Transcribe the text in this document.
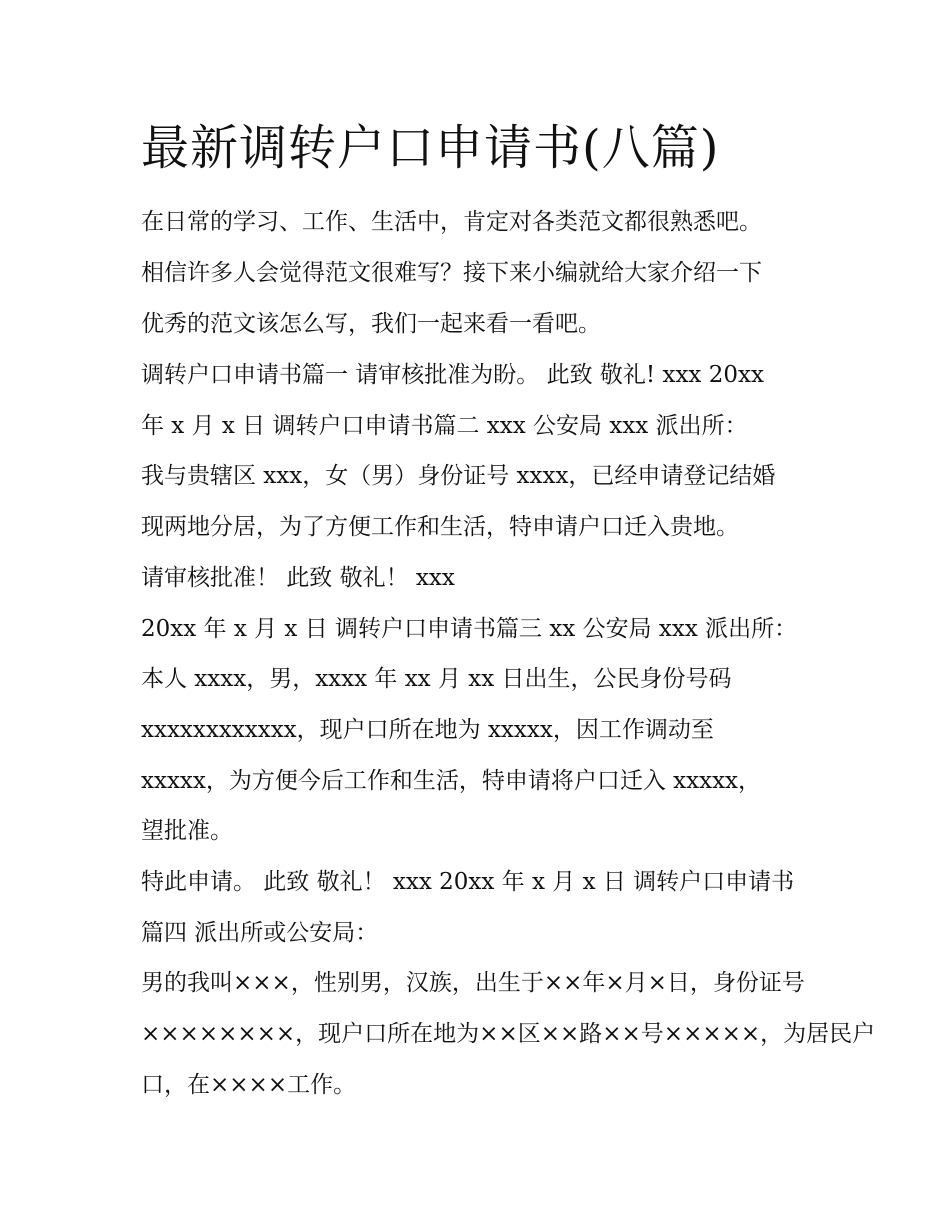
最新调转户口申请书(八篇)
在日常的学习、工作、生活中，肯定对各类范文都很熟悉吧。
相信许多人会觉得范文很难写？接下来小编就给大家介绍一下
优秀的范文该怎么写，我们一起来看一看吧。
调转户口申请书篇一 请审核批准为盼。 此致 敬礼! xxx 20xx
年 x 月 x 日 调转户口申请书篇二 xxx 公安局 xxx 派出所：
我与贵辖区 xxx，女（男）身份证号 xxxx，已经申请登记结婚
现两地分居，为了方便工作和生活，特申请户口迁入贵地。
请审核批准！ 此致 敬礼！ xxx
20xx 年 x 月 x 日 调转户口申请书篇三 xx 公安局 xxx 派出所：
本人 xxxx，男，xxxx 年 xx 月 xx 日出生，公民身份号码
xxxxxxxxxxxx，现户口所在地为 xxxxx，因工作调动至
xxxxx，为方便今后工作和生活，特申请将户口迁入 xxxxx，
望批准。
特此申请。 此致 敬礼！ xxx 20xx 年 x 月 x 日 调转户口申请书
篇四 派出所或公安局：
男的我叫×××，性别男，汉族，出生于××年×月×日，身份证号
××××××××，现户口所在地为××区××路××号×××××，为居民户
口，在××××工作。
